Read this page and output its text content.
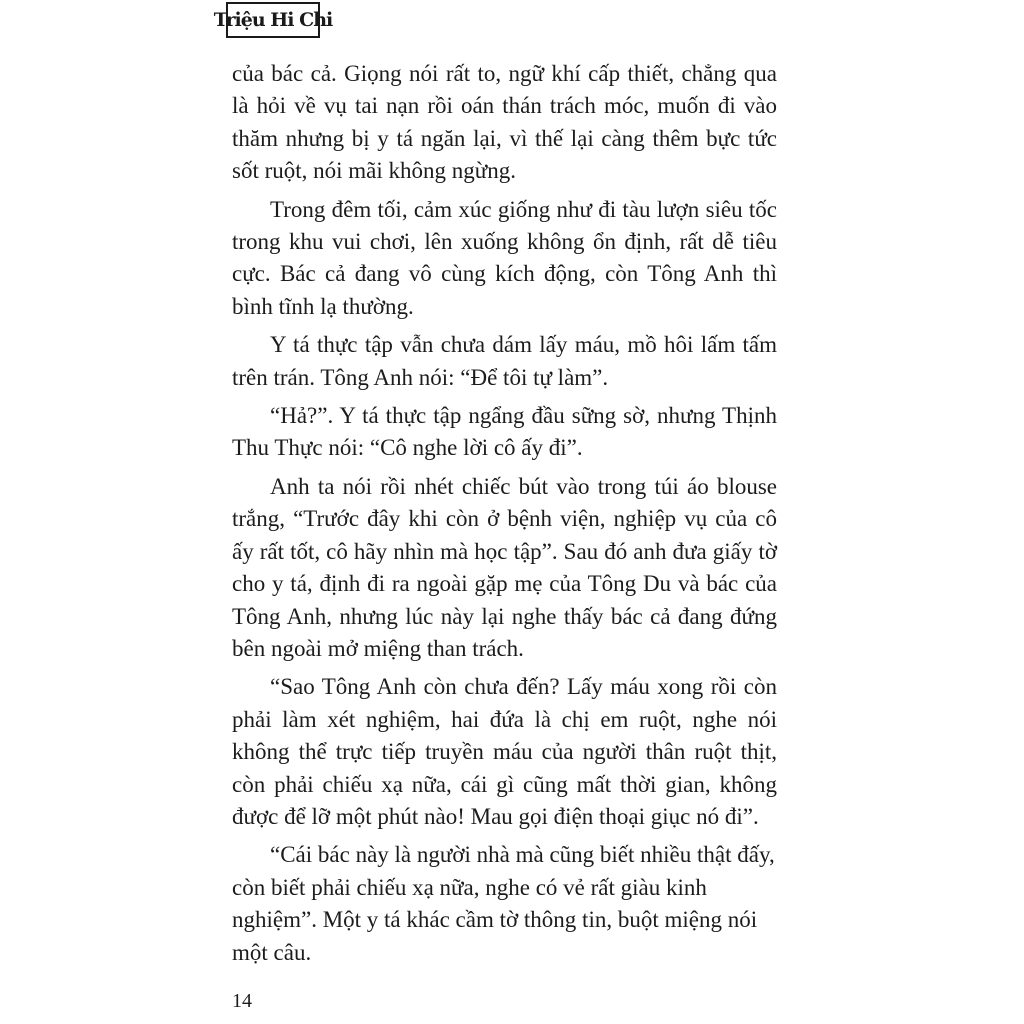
Triệu Hi Chi

của bác cả. Giọng nói rất to, ngữ khí cấp thiết, chẳng qua là hỏi về vụ tai nạn rồi oán thán trách móc, muốn đi vào thăm nhưng bị y tá ngăn lại, vì thế lại càng thêm bực tức sốt ruột, nói mãi không ngừng.

Trong đêm tối, cảm xúc giống như đi tàu lượn siêu tốc trong khu vui chơi, lên xuống không ổn định, rất dễ tiêu cực. Bác cả đang vô cùng kích động, còn Tông Anh thì bình tĩnh lạ thường.

Y tá thực tập vẫn chưa dám lấy máu, mồ hôi lấm tấm trên trán. Tông Anh nói: “Để tôi tự làm”.

“Hả?”. Y tá thực tập ngẩng đầu sững sờ, nhưng Thịnh Thu Thực nói: “Cô nghe lời cô ấy đi”.

Anh ta nói rồi nhét chiếc bút vào trong túi áo blouse trắng, “Trước đây khi còn ở bệnh viện, nghiệp vụ của cô ấy rất tốt, cô hãy nhìn mà học tập”. Sau đó anh đưa giấy tờ cho y tá, định đi ra ngoài gặp mẹ của Tông Du và bác của Tông Anh, nhưng lúc này lại nghe thấy bác cả đang đứng bên ngoài mở miệng than trách.

“Sao Tông Anh còn chưa đến? Lấy máu xong rồi còn phải làm xét nghiệm, hai đứa là chị em ruột, nghe nói không thể trực tiếp truyền máu của người thân ruột thịt, còn phải chiếu xạ nữa, cái gì cũng mất thời gian, không được để lỡ một phút nào! Mau gọi điện thoại giục nó đi”.

“Cái bác này là người nhà mà cũng biết nhiều thật đấy, còn biết phải chiếu xạ nữa, nghe có vẻ rất giàu kinh nghiệm”. Một y tá khác cầm tờ thông tin, buột miệng nói một câu.

14
